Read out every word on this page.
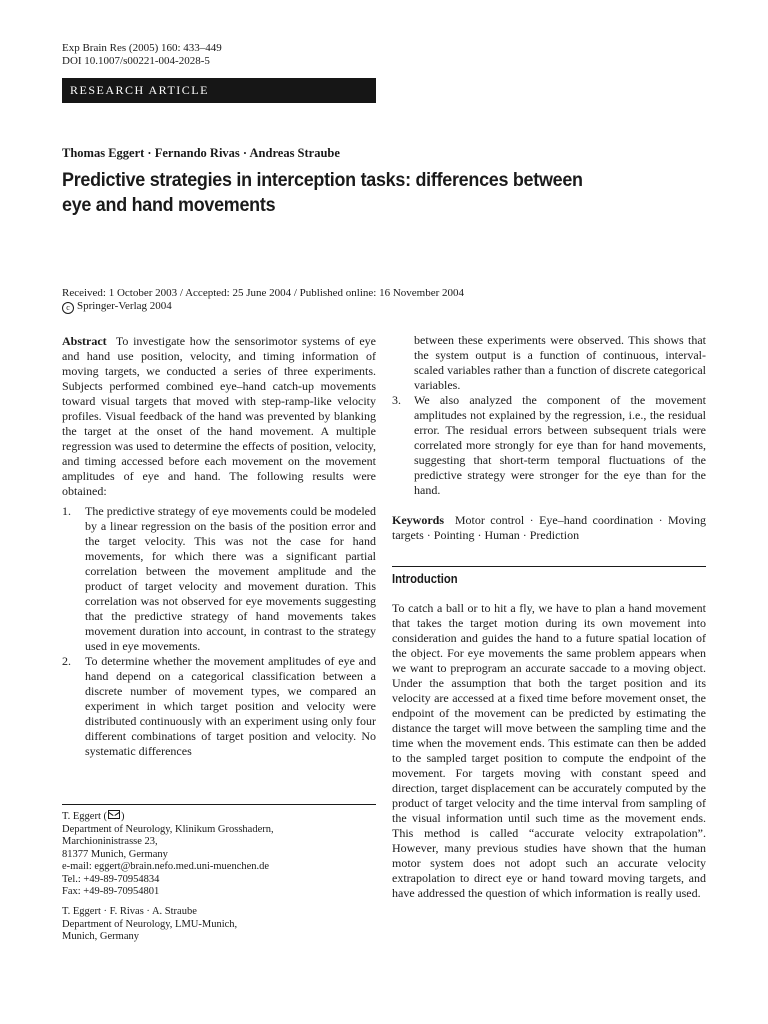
Exp Brain Res (2005) 160: 433–449
DOI 10.1007/s00221-004-2028-5
RESEARCH ARTICLE
Thomas Eggert · Fernando Rivas · Andreas Straube
Predictive strategies in interception tasks: differences between
eye and hand movements
Received: 1 October 2003 / Accepted: 25 June 2004 / Published online: 16 November 2004
c Springer-Verlag 2004

Abstract To investigate how the sensorimotor systems of eye and hand use position, velocity, and timing information of moving targets, we conducted a series of three experiments. Subjects performed combined eye–hand catch-up movements toward visual targets that moved with step-ramp-like velocity profiles. Visual feedback of the hand was prevented by blanking the target at the onset of the hand movement. A multiple regression was used to determine the effects of position, velocity, and timing accessed before each movement on the movement amplitudes of eye and hand. The following results were obtained:

1. The predictive strategy of eye movements could be modeled by a linear regression on the basis of the position error and the target velocity. This was not the case for hand movements, for which there was a significant partial correlation between the movement amplitude and the product of target velocity and movement duration. This correlation was not observed for eye movements suggesting that the predictive strategy of hand movements takes movement duration into account, in contrast to the strategy used in eye movements.
2. To determine whether the movement amplitudes of eye and hand depend on a categorical classification between a discrete number of movement types, we compared an experiment in which target position and velocity were distributed continuously with an experiment using only four different combinations of target position and velocity. No systematic differences
T. Eggert ( )
Department of Neurology, Klinikum Grosshadern,
Marchioninistrasse 23,
81377 Munich, Germany
e-mail: eggert@brain.nefo.med.uni-muenchen.de
Tel.: +49-89-70954834
Fax: +49-89-70954801
T. Eggert · F. Rivas · A. Straube
Department of Neurology, LMU-Munich,
Munich, Germany
between these experiments were observed. This shows that the system output is a function of continuous, interval-scaled variables rather than a function of discrete categorical variables.
3. We also analyzed the component of the movement amplitudes not explained by the regression, i.e., the residual error. The residual errors between subsequent trials were correlated more strongly for eye than for hand movements, suggesting that short-term temporal fluctuations of the predictive strategy were stronger for the eye than for the hand.

Keywords Motor control · Eye–hand coordination · Moving targets · Pointing · Human · Prediction

Introduction

To catch a ball or to hit a fly, we have to plan a hand movement that takes the target motion during its own movement into consideration and guides the hand to a future spatial location of the object. For eye movements the same problem appears when we want to preprogram an accurate saccade to a moving object. Under the assumption that both the target position and its velocity are accessed at a fixed time before movement onset, the endpoint of the movement can be predicted by estimating the distance the target will move between the sampling time and the time when the movement ends. This estimate can then be added to the sampled target position to compute the endpoint of the movement. For targets moving with constant speed and direction, target displacement can be accurately computed by the product of target velocity and the time interval from sampling of the visual information until such time as the movement ends. This method is called “accurate velocity extrapolation”. However, many previous studies have shown that the human motor system does not adopt such an accurate velocity extrapolation to direct eye or hand toward moving targets, and have addressed the question of which information is really used.
